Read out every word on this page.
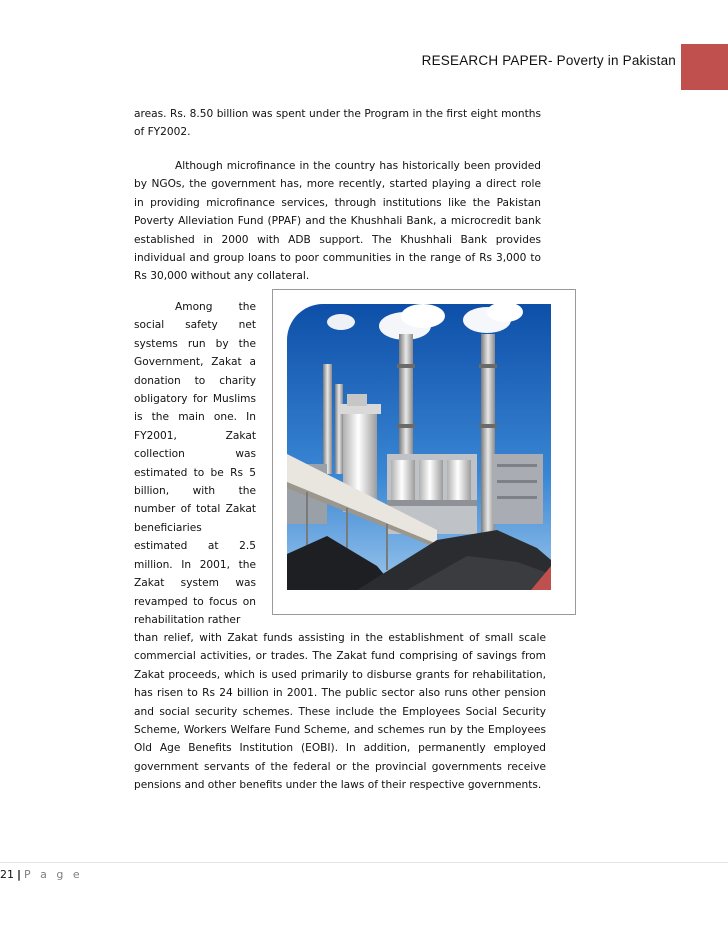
RESEARCH PAPER- Poverty in Pakistan

areas. Rs. 8.50 billion was spent under the Program in the first eight months of FY2002.

Although microfinance in the country has historically been provided by NGOs, the government has, more recently, started playing a direct role in providing microfinance services, through institutions like the Pakistan Poverty Alleviation Fund (PPAF) and the Khushhali Bank, a microcredit bank established in 2000 with ADB support. The Khushhali Bank provides individual and group loans to poor communities in the range of Rs 3,000 to Rs 30,000 without any collateral.

Among the social safety net systems run by the Government, Zakat a donation to charity obligatory for Muslims is the main one. In FY2001, Zakat collection was estimated to be Rs 5 billion, with the number of total Zakat beneficiaries estimated at 2.5 million. In 2001, the Zakat system was revamped to focus on rehabilitation rather

than relief, with Zakat funds assisting in the establishment of small scale commercial activities, or trades. The Zakat fund comprising of savings from Zakat proceeds, which is used primarily to disburse grants for rehabilitation, has risen to Rs 24 billion in 2001. The public sector also runs other pension and social security schemes. These include the Employees Social Security Scheme, Workers Welfare Fund Scheme, and schemes run by the Employees Old Age Benefits Institution (EOBI). In addition, permanently employed government servants of the federal or the provincial governments receive pensions and other benefits under the laws of their respective governments.

21 | P a g e
